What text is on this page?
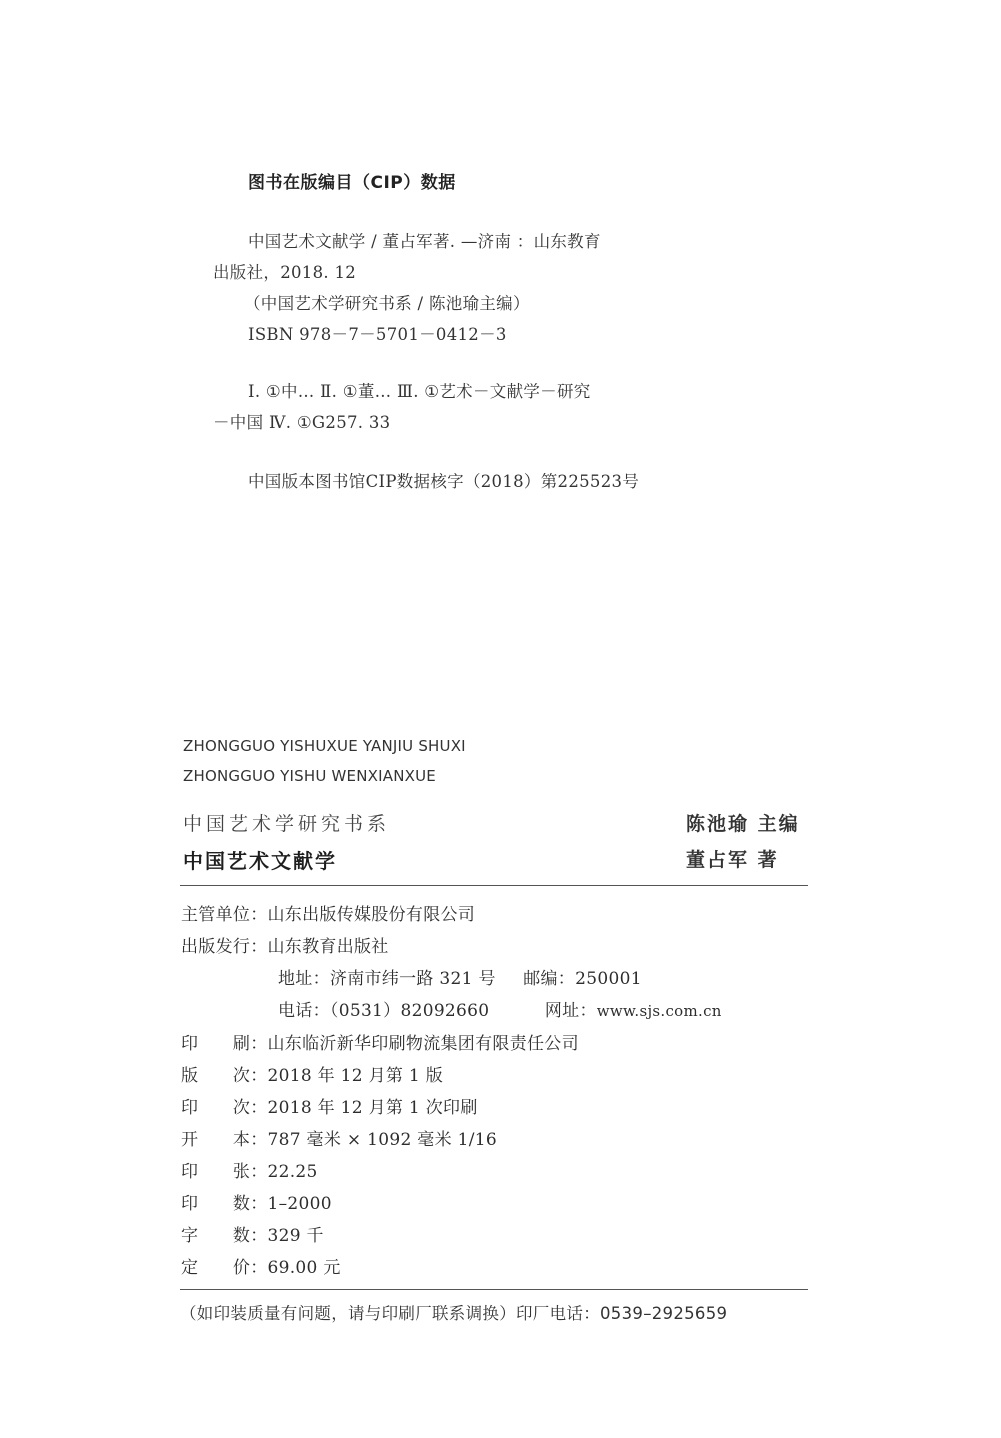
图书在版编目（CIP）数据
中国艺术文献学 / 董占军著. —济南 ：山东教育
出版社，2018. 12
（中国艺术学研究书系 / 陈池瑜主编）
ISBN 978－7－5701－0412－3
Ⅰ. ①中… Ⅱ. ①董… Ⅲ. ①艺术－文献学－研究
－中国 Ⅳ. ①G257. 33
中国版本图书馆CIP数据核字（2018）第225523号
ZHONGGUO YISHUXUE YANJIU SHUXI
ZHONGGUO YISHU WENXIANXUE
中国艺术学研究书系
中国艺术文献学
陈池瑜 主编
董占军 著
主管单位：山东出版传媒股份有限公司
出版发行：山东教育出版社
地址：济南市纬一路 321 号 邮编：250001
电话：（0531）82092660	网址：www.sjs.com.cn
印　　刷：山东临沂新华印刷物流集团有限责任公司
版　　次：2018 年 12 月第 1 版
印　　次：2018 年 12 月第 1 次印刷
开　　本：787 毫米 × 1092 毫米 1/16
印　　张：22.25
印　　数：1–2000
字　　数：329 千
定　　价：69.00 元
（如印装质量有问题，请与印刷厂联系调换）印厂电话：0539–2925659
